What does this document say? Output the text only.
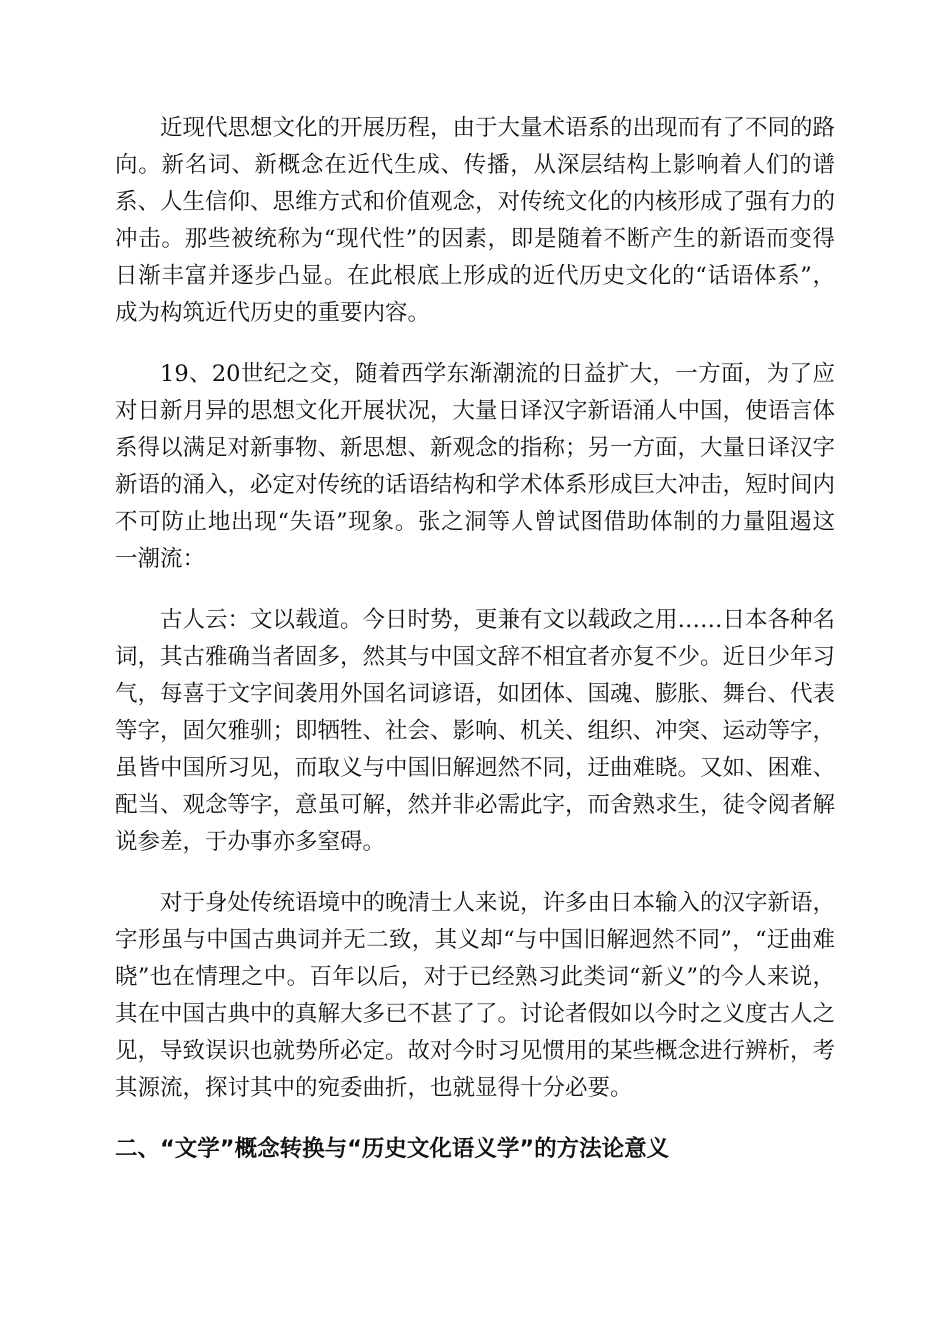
近现代思想文化的开展历程，由于大量术语系的出现而有了不同的路向。新名词、新概念在近代生成、传播，从深层结构上影响着人们的谱系、人生信仰、思维方式和价值观念，对传统文化的内核形成了强有力的冲击。那些被统称为“现代性”的因素，即是随着不断产生的新语而变得日渐丰富并逐步凸显。在此根底上形成的近代历史文化的“话语体系”，成为构筑近代历史的重要内容。

19、20世纪之交，随着西学东渐潮流的日益扩大，一方面，为了应对日新月异的思想文化开展状况，大量日译汉字新语涌人中国，使语言体系得以满足对新事物、新思想、新观念的指称；另一方面，大量日译汉字新语的涌入，必定对传统的话语结构和学术体系形成巨大冲击，短时间内不可防止地出现“失语”现象。张之洞等人曾试图借助体制的力量阻遏这一潮流：

古人云：文以载道。今日时势，更兼有文以载政之用……日本各种名词，其古雅确当者固多，然其与中国文辞不相宜者亦复不少。近日少年习气，每喜于文字间袭用外国名词谚语，如团体、国魂、膨胀、舞台、代表等字，固欠雅驯；即牺牲、社会、影响、机关、组织、冲突、运动等字，虽皆中国所习见，而取义与中国旧解迥然不同，迂曲难晓。又如、困难、配当、观念等字，意虽可解，然并非必需此字，而舍熟求生，徒令阅者解说参差，于办事亦多窒碍。

对于身处传统语境中的晚清士人来说，许多由日本输入的汉字新语，字形虽与中国古典词并无二致，其义却“与中国旧解迥然不同”，“迂曲难晓”也在情理之中。百年以后，对于已经熟习此类词“新义”的今人来说，其在中国古典中的真解大多已不甚了了。讨论者假如以今时之义度古人之见，导致误识也就势所必定。故对今时习见惯用的某些概念进行辨析，考其源流，探讨其中的宛委曲折，也就显得十分必要。

二、“文学”概念转换与“历史文化语义学”的方法论意义
